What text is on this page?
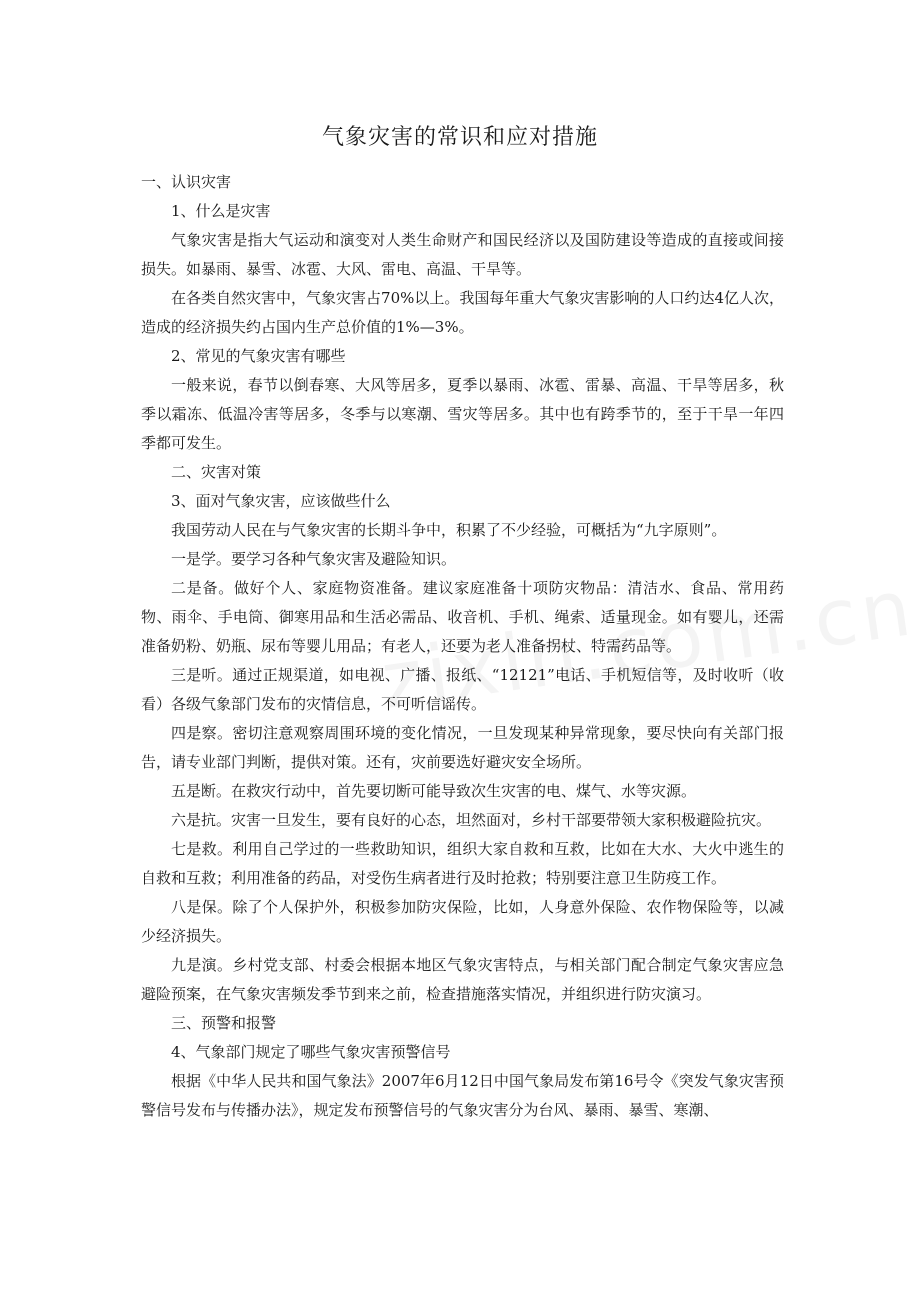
气象灾害的常识和应对措施

一、认识灾害

1、什么是灾害

气象灾害是指大气运动和演变对人类生命财产和国民经济以及国防建设等造成的直接或间接损失。如暴雨、暴雪、冰雹、大风、雷电、高温、干旱等。

在各类自然灾害中，气象灾害占70%以上。我国每年重大气象灾害影响的人口约达4亿人次，造成的经济损失约占国内生产总价值的1%—3%。

2、常见的气象灾害有哪些

一般来说，春节以倒春寒、大风等居多，夏季以暴雨、冰雹、雷暴、高温、干旱等居多，秋季以霜冻、低温冷害等居多，冬季与以寒潮、雪灾等居多。其中也有跨季节的，至于干旱一年四季都可发生。

二、灾害对策

3、面对气象灾害，应该做些什么

我国劳动人民在与气象灾害的长期斗争中，积累了不少经验，可概括为“九字原则”。

一是学。要学习各种气象灾害及避险知识。

二是备。做好个人、家庭物资准备。建议家庭准备十项防灾物品：清洁水、食品、常用药物、雨伞、手电筒、御寒用品和生活必需品、收音机、手机、绳索、适量现金。如有婴儿，还需准备奶粉、奶瓶、尿布等婴儿用品；有老人，还要为老人准备拐杖、特需药品等。

三是听。通过正规渠道，如电视、广播、报纸、“12121”电话、手机短信等，及时收听（收看）各级气象部门发布的灾情信息，不可听信谣传。

四是察。密切注意观察周围环境的变化情况，一旦发现某种异常现象，要尽快向有关部门报告，请专业部门判断，提供对策。还有，灾前要选好避灾安全场所。

五是断。在救灾行动中，首先要切断可能导致次生灾害的电、煤气、水等灾源。

六是抗。灾害一旦发生，要有良好的心态，坦然面对，乡村干部要带领大家积极避险抗灾。

七是救。利用自己学过的一些救助知识，组织大家自救和互救，比如在大水、大火中逃生的自救和互救；利用准备的药品，对受伤生病者进行及时抢救；特别要注意卫生防疫工作。

八是保。除了个人保护外，积极参加防灾保险，比如，人身意外保险、农作物保险等，以减少经济损失。

九是演。乡村党支部、村委会根据本地区气象灾害特点，与相关部门配合制定气象灾害应急避险预案，在气象灾害频发季节到来之前，检查措施落实情况，并组织进行防灾演习。

三、预警和报警

4、气象部门规定了哪些气象灾害预警信号

根据《中华人民共和国气象法》2007年6月12日中国气象局发布第16号令《突发气象灾害预警信号发布与传播办法》，规定发布预警信号的气象灾害分为台风、暴雨、暴雪、寒潮、
